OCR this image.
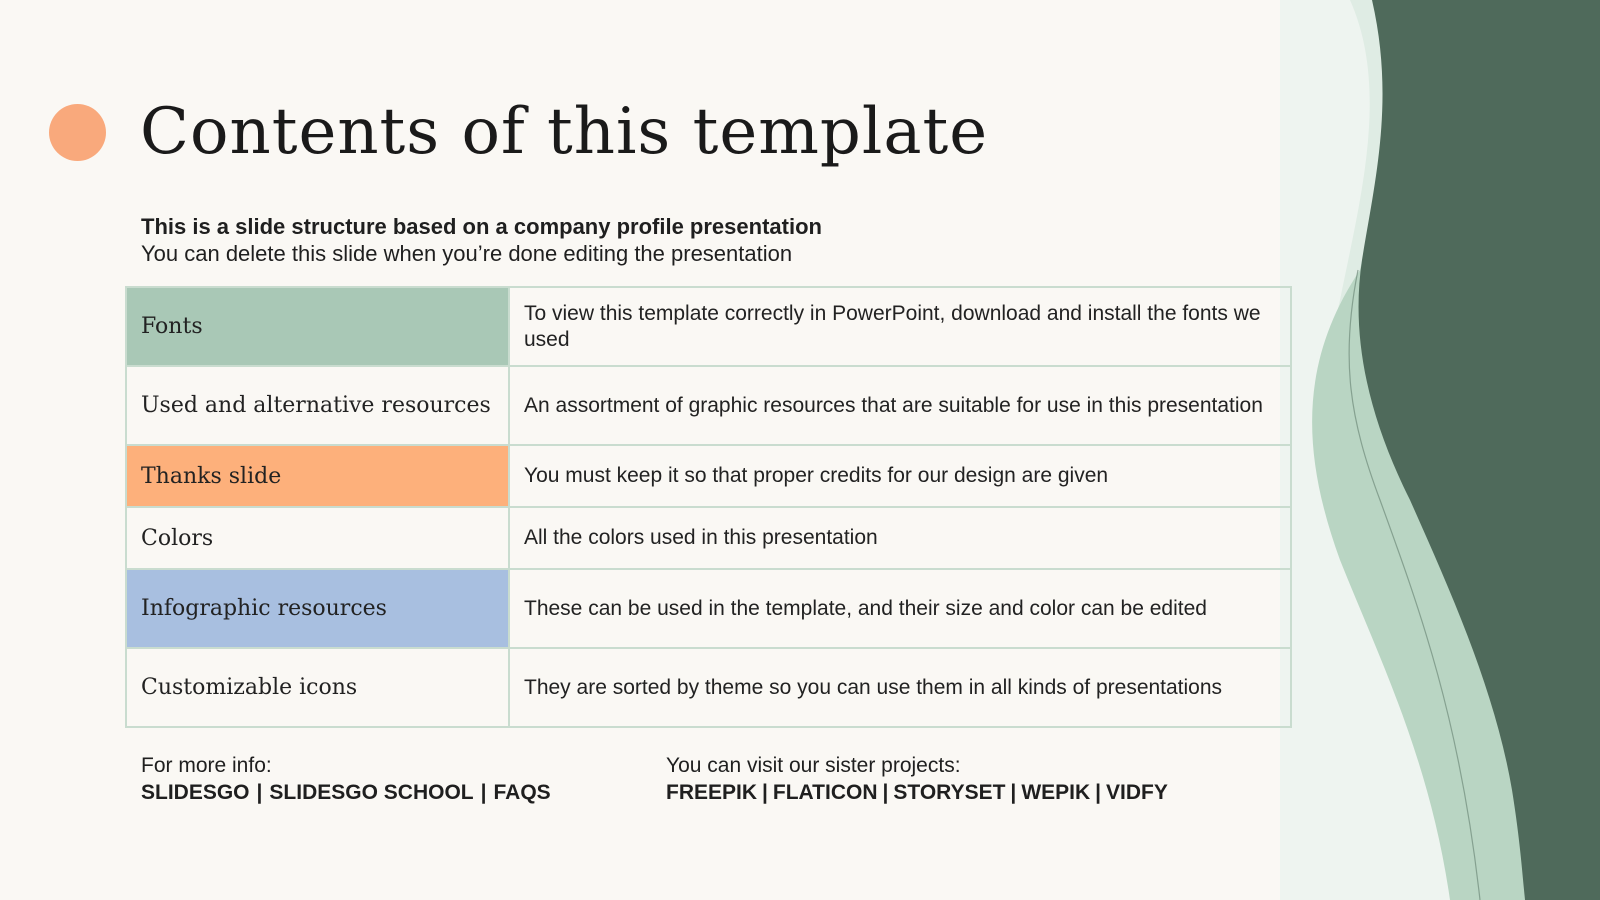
Contents of this template
This is a slide structure based on a company profile presentation
You can delete this slide when you’re done editing the presentation
Fonts	To view this template correctly in PowerPoint, download and install the fonts we used
Used and alternative resources	An assortment of graphic resources that are suitable for use in this presentation
Thanks slide	You must keep it so that proper credits for our design are given
Colors	All the colors used in this presentation
Infographic resources	These can be used in the template, and their size and color can be edited
Customizable icons	They are sorted by theme so you can use them in all kinds of presentations
For more info:
SLIDESGO | SLIDESGO SCHOOL | FAQS
You can visit our sister projects:
FREEPIK | FLATICON | STORYSET | WEPIK | VIDFY
